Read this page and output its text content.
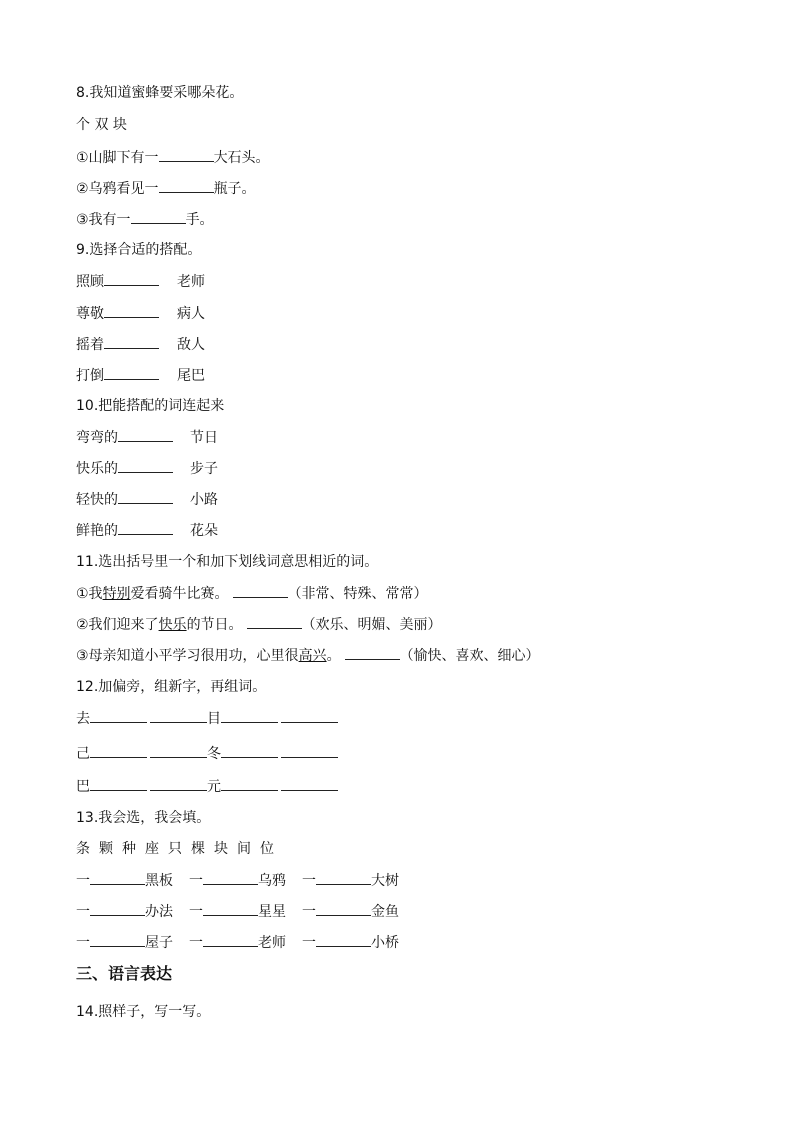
8.我知道蜜蜂要采哪朵花。
个 双 块
①山脚下有一	大石头。
②乌鸦看见一	瓶子。
③我有一	手。
9.选择合适的搭配。
照顾	老师
尊敬	病人
摇着	敌人
打倒	尾巴
10.把能搭配的词连起来
弯弯的	节日
快乐的	步子
轻快的	小路
鲜艳的	花朵
11.选出括号里一个和加下划线词意思相近的词。
①我特别爱看骑牛比赛。	（非常、特殊、常常）
②我们迎来了快乐的节日。	（欢乐、明媚、美丽）
③母亲知道小平学习很用功，心里很高兴。	（愉快、喜欢、细心）
12.加偏旁，组新字，再组词。
去	目
己	冬
巴	元
13.我会选，我会填。
条 颗 种 座 只 棵 块 间 位
一	黑板 一	乌鸦 一	大树
一	办法 一	星星 一	金鱼
一	屋子 一	老师 一	小桥
三、语言表达
14.照样子，写一写。
